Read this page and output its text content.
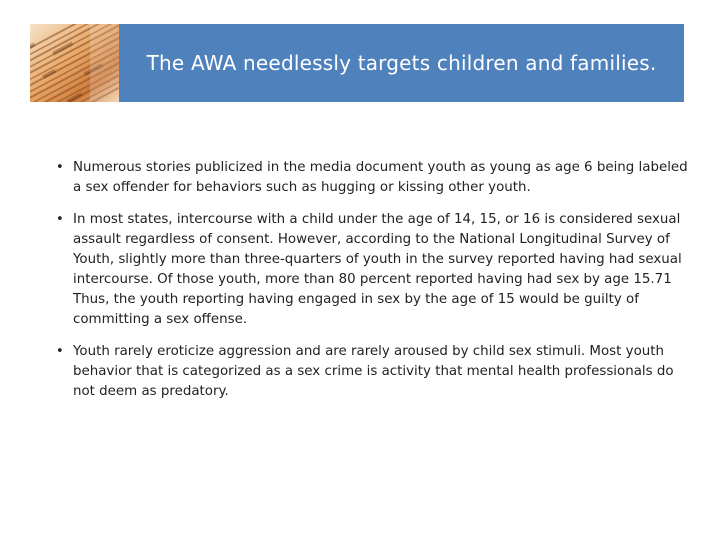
The AWA needlessly targets children and families.
• Numerous stories publicized in the media document youth as young as age 6 being labeled a sex offender for behaviors such as hugging or kissing other youth.
• In most states, intercourse with a child under the age of 14, 15, or 16 is considered sexual assault regardless of consent. However, according to the National Longitudinal Survey of Youth, slightly more than three-quarters of youth in the survey reported having had sexual intercourse. Of those youth, more than 80 percent reported having had sex by age 15.71 Thus, the youth reporting having engaged in sex by the age of 15 would be guilty of committing a sex offense.
• Youth rarely eroticize aggression and are rarely aroused by child sex stimuli. Most youth behavior that is categorized as a sex crime is activity that mental health professionals do not deem as predatory.
